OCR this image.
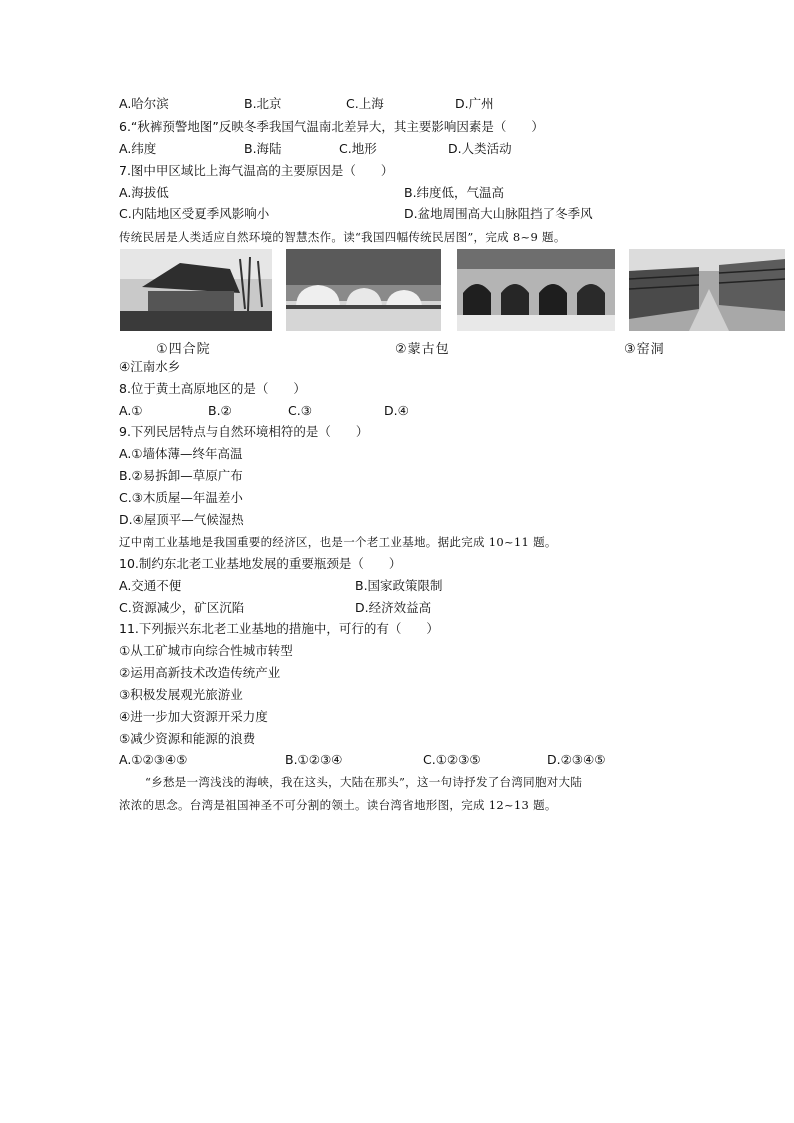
A.哈尔滨	B.北京	C.上海	D.广州
6.“秋裤预警地图”反映冬季我国气温南北差异大，其主要影响因素是（　　）
A.纬度	B.海陆	C.地形	D.人类活动
7.图中甲区域比上海气温高的主要原因是（　　）
A.海拔低	B.纬度低，气温高
C.内陆地区受夏季风影响小	D.盆地周围高大山脉阻挡了冬季风
传统民居是人类适应自然环境的智慧杰作。读“我国四幅传统民居图”，完成 8~9 题。
①四合院	②蒙古包	③窑洞
④江南水乡
8.位于黄土高原地区的是（　　）
A.①	B.②	C.③	D.④
9.下列民居特点与自然环境相符的是（　　）
A.①墙体薄—终年高温
B.②易拆卸—草原广布
C.③木质屋—年温差小
D.④屋顶平—气候湿热
辽中南工业基地是我国重要的经济区，也是一个老工业基地。据此完成 10~11 题。
10.制约东北老工业基地发展的重要瓶颈是（　　）
A.交通不便	B.国家政策限制
C.资源减少，矿区沉陷	D.经济效益高
11.下列振兴东北老工业基地的措施中，可行的有（　　）
①从工矿城市向综合性城市转型
②运用高新技术改造传统产业
③积极发展观光旅游业
④进一步加大资源开采力度
⑤减少资源和能源的浪费
A.①②③④⑤	B.①②③④	C.①②③⑤	D.②③④⑤
“乡愁是一湾浅浅的海峡，我在这头，大陆在那头”，这一句诗抒发了台湾同胞对大陆
浓浓的思念。台湾是祖国神圣不可分割的领土。读台湾省地形图，完成 12~13 题。
